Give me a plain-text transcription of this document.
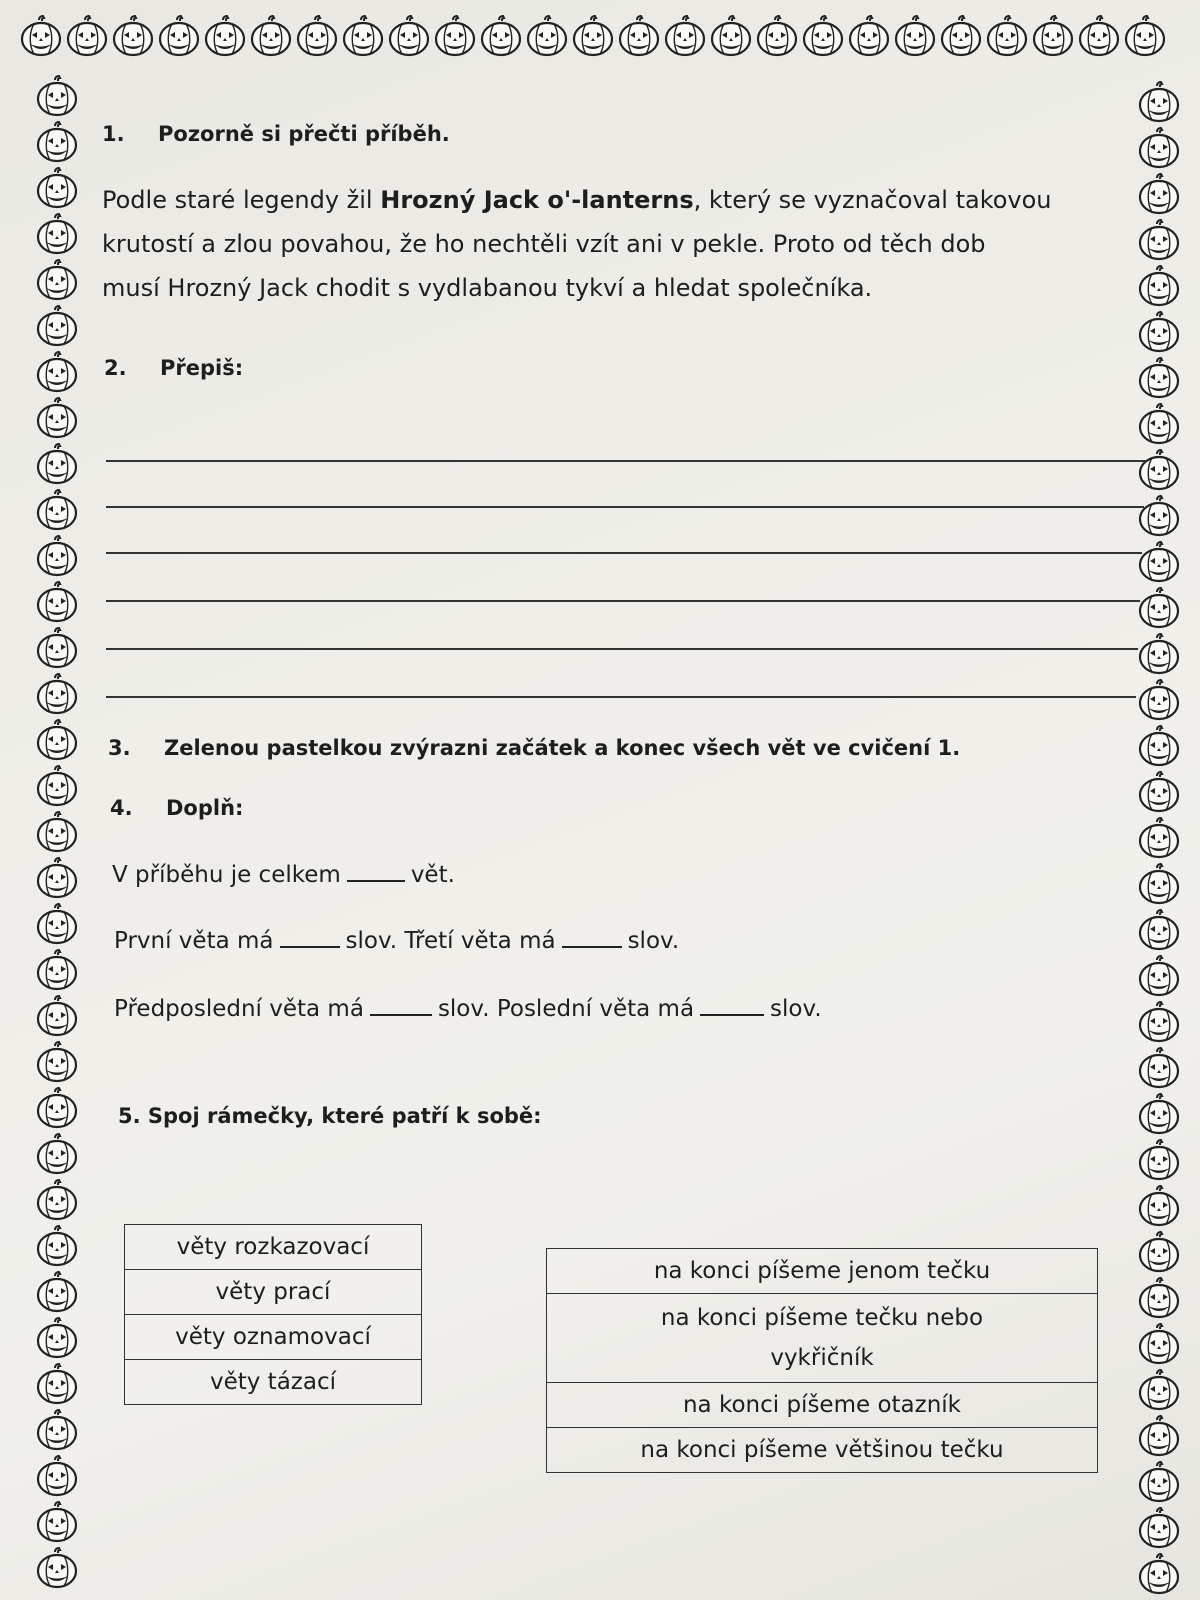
1. Pozorně si přečti příběh.
Podle staré legendy žil Hrozný Jack o'-lanterns, který se vyznačoval takovou
krutostí a zlou povahou, že ho nechtěli vzít ani v pekle. Proto od těch dob
musí Hrozný Jack chodit s vydlabanou tykví a hledat společníka.
2. Přepiš:
3. Zelenou pastelkou zvýrazni začátek a konec všech vět ve cvičení 1.
4. Doplň:
V příběhu je celkem	vět.
První věta má	slov. Třetí věta má	slov.
Předposlední věta má	slov. Poslední věta má	slov.
5. Spoj rámečky, které patří k sobě:
věty rozkazovací
věty prací
věty oznamovací
věty tázací
na konci píšeme jenom tečku

na konci píšeme tečku nebo
vykřičník

na konci píšeme otazník
na konci píšeme většinou tečku
